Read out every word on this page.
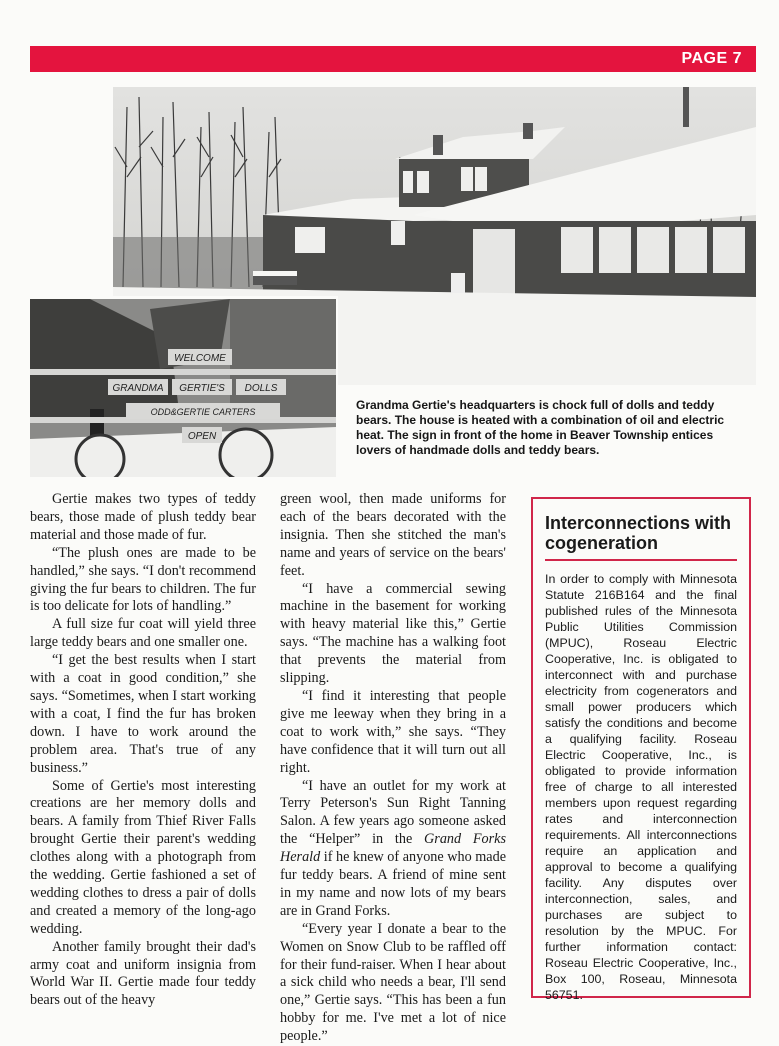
PAGE 7
WELCOME
GRANDMA GERTIE'S DOLLS
ODD&GERTIE CARTERS
OPEN

Grandma Gertie's headquarters is chock full of dolls and teddy bears. The house is heated with a combination of oil and electric heat. The sign in front of the home in Beaver Township entices lovers of handmade dolls and teddy bears.

Gertie makes two types of teddy bears, those made of plush teddy bear material and those made of fur.

“The plush ones are made to be handled,” she says. “I don't recommend giving the fur bears to children. The fur is too delicate for lots of handling.”

A full size fur coat will yield three large teddy bears and one smaller one.

“I get the best results when I start with a coat in good condition,” she says. “Sometimes, when I start working with a coat, I find the fur has broken down. I have to work around the problem area. That's true of any business.”

Some of Gertie's most interesting creations are her memory dolls and bears. A family from Thief River Falls brought Gertie their parent's wedding clothes along with a photograph from the wedding. Gertie fashioned a set of wedding clothes to dress a pair of dolls and created a memory of the long-ago wedding.

Another family brought their dad's army coat and uniform insignia from World War II. Gertie made four teddy bears out of the heavy

green wool, then made uniforms for each of the bears decorated with the insignia. Then she stitched the man's name and years of service on the bears' feet.

“I have a commercial sewing machine in the basement for working with heavy material like this,” Gertie says. “The machine has a walking foot that prevents the material from slipping.

“I find it interesting that people give me leeway when they bring in a coat to work with,” she says. “They have confidence that it will turn out all right.

“I have an outlet for my work at Terry Peterson's Sun Right Tanning Salon. A few years ago someone asked the “Helper” in the Grand Forks Herald if he knew of anyone who made fur teddy bears. A friend of mine sent in my name and now lots of my bears are in Grand Forks.

“Every year I donate a bear to the Women on Snow Club to be raffled off for their fund-raiser. When I hear about a sick child who needs a bear, I'll send one,” Gertie says. “This has been a fun hobby for me. I've met a lot of nice people.”

Interconnections with cogeneration

In order to comply with Minnesota Statute 216B164 and the final published rules of the Minnesota Public Utilities Commission (MPUC), Roseau Electric Cooperative, Inc. is obligated to interconnect with and purchase electricity from cogenerators and small power producers which satisfy the conditions and become a qualifying facility. Roseau Electric Cooperative, Inc., is obligated to provide information free of charge to all interested members upon request regarding rates and interconnection requirements. All interconnections require an application and approval to become a qualifying facility. Any disputes over interconnection, sales, and purchases are subject to resolution by the MPUC. For further information contact: Roseau Electric Cooperative, Inc., Box 100, Roseau, Minnesota 56751.
